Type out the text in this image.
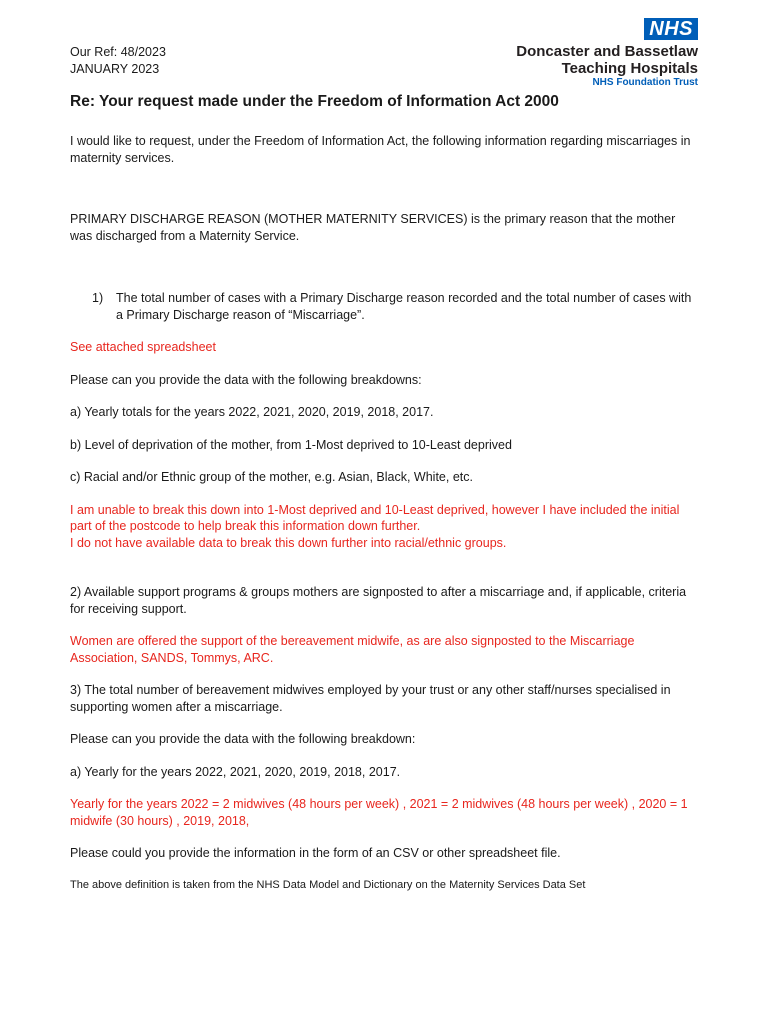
Our Ref: 48/2023
JANUARY 2023
NHS
Doncaster and Bassetlaw
Teaching Hospitals
NHS Foundation Trust
Re: Your request made under the Freedom of Information Act 2000

I would like to request, under the Freedom of Information Act, the following information regarding miscarriages in maternity services.

PRIMARY DISCHARGE REASON (MOTHER MATERNITY SERVICES) is the primary reason that the mother was discharged from a Maternity Service.

1)	The total number of cases with a Primary Discharge reason recorded and the total number of cases with a Primary Discharge reason of “Miscarriage”.

See attached spreadsheet

Please can you provide the data with the following breakdowns:

a) Yearly totals for the years 2022, 2021, 2020, 2019, 2018, 2017.

b) Level of deprivation of the mother, from 1-Most deprived to 10-Least deprived

c) Racial and/or Ethnic group of the mother, e.g. Asian, Black, White, etc.

I am unable to break this down into 1-Most deprived and 10-Least deprived, however I have included the initial part of the postcode to help break this information down further.

I do not have available data to break this down further into racial/ethnic groups.

2) Available support programs & groups mothers are signposted to after a miscarriage and, if applicable, criteria for receiving support.

Women are offered the support of the bereavement midwife, as are also signposted to the Miscarriage Association, SANDS, Tommys, ARC.

3) The total number of bereavement midwives employed by your trust or any other staff/nurses specialised in supporting women after a miscarriage.

Please can you provide the data with the following breakdown:

a) Yearly for the years 2022, 2021, 2020, 2019, 2018, 2017.

Yearly for the years 2022 = 2 midwives (48 hours per week) , 2021 = 2 midwives (48 hours per week) , 2020 = 1 midwife (30 hours) , 2019, 2018,

Please could you provide the information in the form of an CSV or other spreadsheet file.

The above definition is taken from the NHS Data Model and Dictionary on the Maternity Services Data Set
